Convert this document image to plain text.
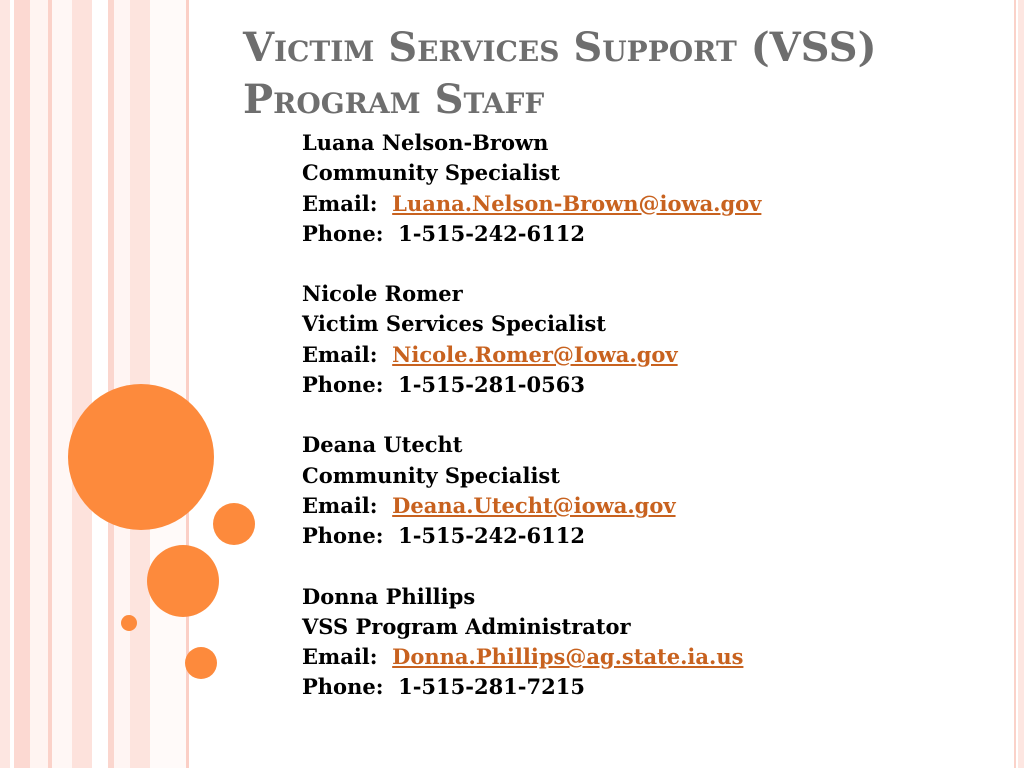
Victim Services Support (VSS) Program Staff
Luana Nelson-Brown
Community Specialist
Email: Luana.Nelson-Brown@iowa.gov
Phone: 1-515-242-6112
Nicole Romer
Victim Services Specialist
Email: Nicole.Romer@Iowa.gov
Phone: 1-515-281-0563
Deana Utecht
Community Specialist
Email: Deana.Utecht@iowa.gov
Phone: 1-515-242-6112
Donna Phillips
VSS Program Administrator
Email: Donna.Phillips@ag.state.ia.us
Phone: 1-515-281-7215
